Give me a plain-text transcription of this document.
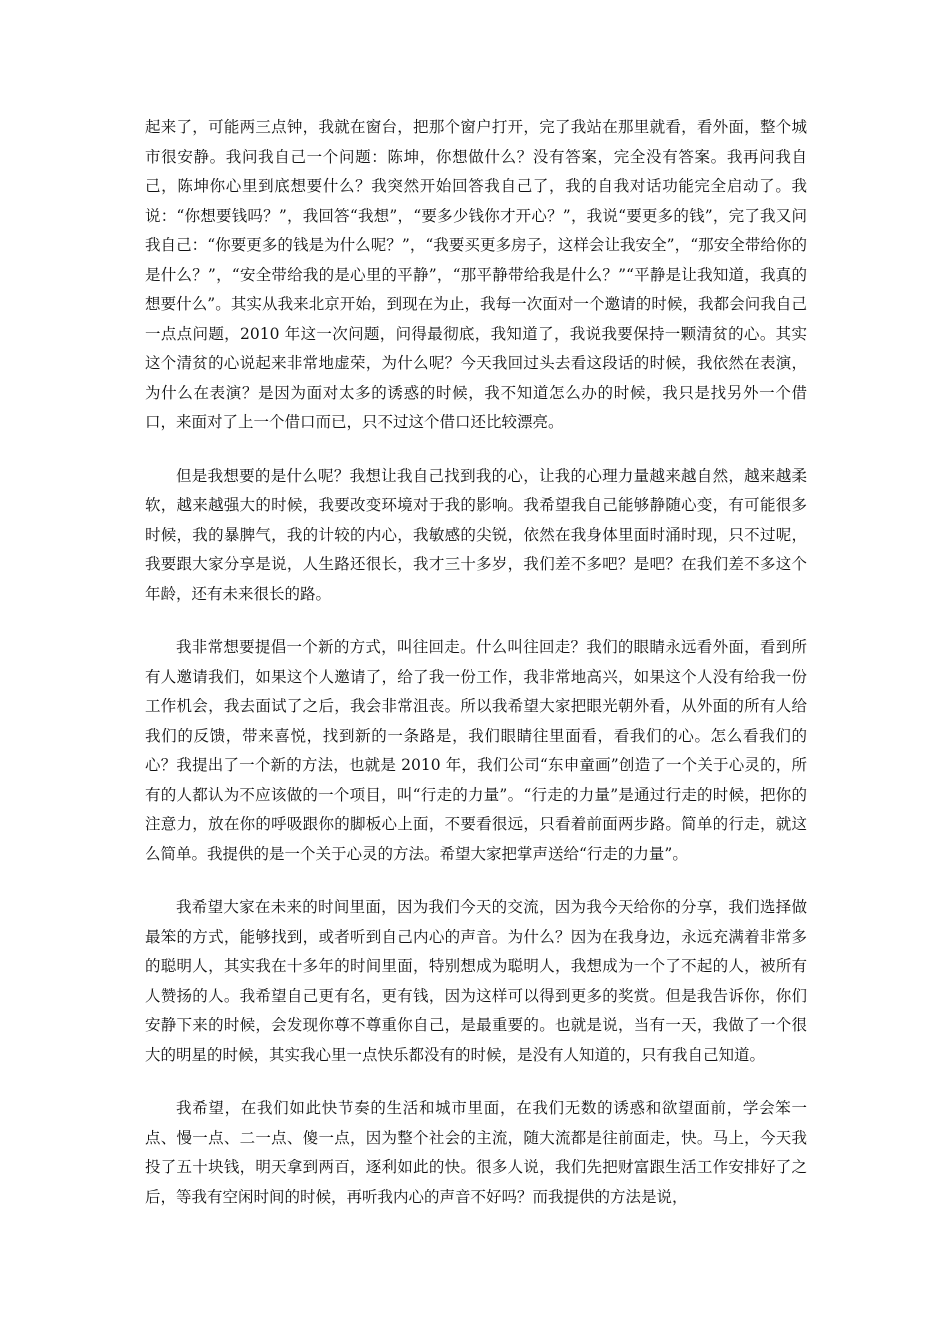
起来了，可能两三点钟，我就在窗台，把那个窗户打开，完了我站在那里就看，看外面，整个城市很安静。我问我自己一个问题：陈坤，你想做什么？没有答案，完全没有答案。我再问我自己，陈坤你心里到底想要什么？我突然开始回答我自己了，我的自我对话功能完全启动了。我说：“你想要钱吗？”，我回答“我想”，“要多少钱你才开心？”，我说“要更多的钱”，完了我又问我自己：“你要更多的钱是为什么呢？”，“我要买更多房子，这样会让我安全”，“那安全带给你的是什么？”，“安全带给我的是心里的平静”，“那平静带给我是什么？”“平静是让我知道，我真的想要什么”。其实从我来北京开始，到现在为止，我每一次面对一个邀请的时候，我都会问我自己一点点问题，2010 年这一次问题，问得最彻底，我知道了，我说我要保持一颗清贫的心。其实这个清贫的心说起来非常地虚荣，为什么呢？今天我回过头去看这段话的时候，我依然在表演，为什么在表演？是因为面对太多的诱惑的时候，我不知道怎么办的时候，我只是找另外一个借口，来面对了上一个借口而已，只不过这个借口还比较漂亮。

但是我想要的是什么呢？我想让我自己找到我的心，让我的心理力量越来越自然，越来越柔软，越来越强大的时候，我要改变环境对于我的影响。我希望我自己能够静随心变，有可能很多时候，我的暴脾气，我的计较的内心，我敏感的尖锐，依然在我身体里面时涌时现，只不过呢，我要跟大家分享是说，人生路还很长，我才三十多岁，我们差不多吧？是吧？在我们差不多这个年龄，还有未来很长的路。

我非常想要提倡一个新的方式，叫往回走。什么叫往回走？我们的眼睛永远看外面，看到所有人邀请我们，如果这个人邀请了，给了我一份工作，我非常地高兴，如果这个人没有给我一份工作机会，我去面试了之后，我会非常沮丧。所以我希望大家把眼光朝外看，从外面的所有人给我们的反馈，带来喜悦，找到新的一条路是，我们眼睛往里面看，看我们的心。怎么看我们的心？我提出了一个新的方法，也就是 2010 年，我们公司“东申童画”创造了一个关于心灵的，所有的人都认为不应该做的一个项目，叫“行走的力量”。“行走的力量”是通过行走的时候，把你的注意力，放在你的呼吸跟你的脚板心上面，不要看很远，只看着前面两步路。简单的行走，就这么简单。我提供的是一个关于心灵的方法。希望大家把掌声送给“行走的力量”。

我希望大家在未来的时间里面，因为我们今天的交流，因为我今天给你的分享，我们选择做最笨的方式，能够找到，或者听到自己内心的声音。为什么？因为在我身边，永远充满着非常多的聪明人，其实我在十多年的时间里面，特别想成为聪明人，我想成为一个了不起的人，被所有人赞扬的人。我希望自己更有名，更有钱，因为这样可以得到更多的奖赏。但是我告诉你，你们安静下来的时候，会发现你尊不尊重你自己，是最重要的。也就是说，当有一天，我做了一个很大的明星的时候，其实我心里一点快乐都没有的时候，是没有人知道的，只有我自己知道。

我希望，在我们如此快节奏的生活和城市里面，在我们无数的诱惑和欲望面前，学会笨一点、慢一点、二一点、傻一点，因为整个社会的主流，随大流都是往前面走，快。马上，今天我投了五十块钱，明天拿到两百，逐利如此的快。很多人说，我们先把财富跟生活工作安排好了之后，等我有空闲时间的时候，再听我内心的声音不好吗？而我提供的方法是说，
